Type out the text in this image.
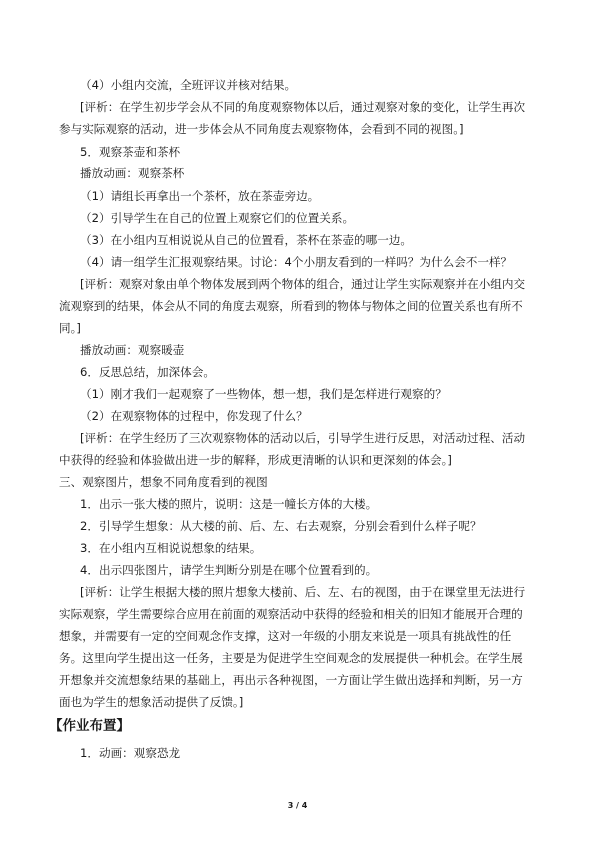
（4）小组内交流，全班评议并核对结果。
[评析：在学生初步学会从不同的角度观察物体以后，通过观察对象的变化，让学生再次
参与实际观察的活动，进一步体会从不同角度去观察物体，会看到不同的视图。]
5．观察茶壶和茶杯
播放动画：观察茶杯
（1）请组长再拿出一个茶杯，放在茶壶旁边。
（2）引导学生在自己的位置上观察它们的位置关系。
（3）在小组内互相说说从自己的位置看，茶杯在茶壶的哪一边。
（4）请一组学生汇报观察结果。讨论：4个小朋友看到的一样吗？为什么会不一样？
[评析：观察对象由单个物体发展到两个物体的组合，通过让学生实际观察并在小组内交
流观察到的结果，体会从不同的角度去观察，所看到的物体与物体之间的位置关系也有所不
同。]
播放动画：观察暖壶
6．反思总结，加深体会。
（1）刚才我们一起观察了一些物体，想一想，我们是怎样进行观察的？
（2）在观察物体的过程中，你发现了什么？
[评析：在学生经历了三次观察物体的活动以后，引导学生进行反思，对活动过程、活动
中获得的经验和体验做出进一步的解释，形成更清晰的认识和更深刻的体会。]
三、观察图片，想象不同角度看到的视图
1．出示一张大楼的照片，说明：这是一幢长方体的大楼。
2．引导学生想象：从大楼的前、后、左、右去观察，分别会看到什么样子呢？
3．在小组内互相说说想象的结果。
4．出示四张图片，请学生判断分别是在哪个位置看到的。
[评析：让学生根据大楼的照片想象大楼前、后、左、右的视图，由于在课堂里无法进行
实际观察，学生需要综合应用在前面的观察活动中获得的经验和相关的旧知才能展开合理的
想象，并需要有一定的空间观念作支撑，这对一年级的小朋友来说是一项具有挑战性的任
务。这里向学生提出这一任务，主要是为促进学生空间观念的发展提供一种机会。在学生展
开想象并交流想象结果的基础上，再出示各种视图，一方面让学生做出选择和判断，另一方
面也为学生的想象活动提供了反馈。]
1．动画：观察恐龙
【作业布置】
3 / 4
